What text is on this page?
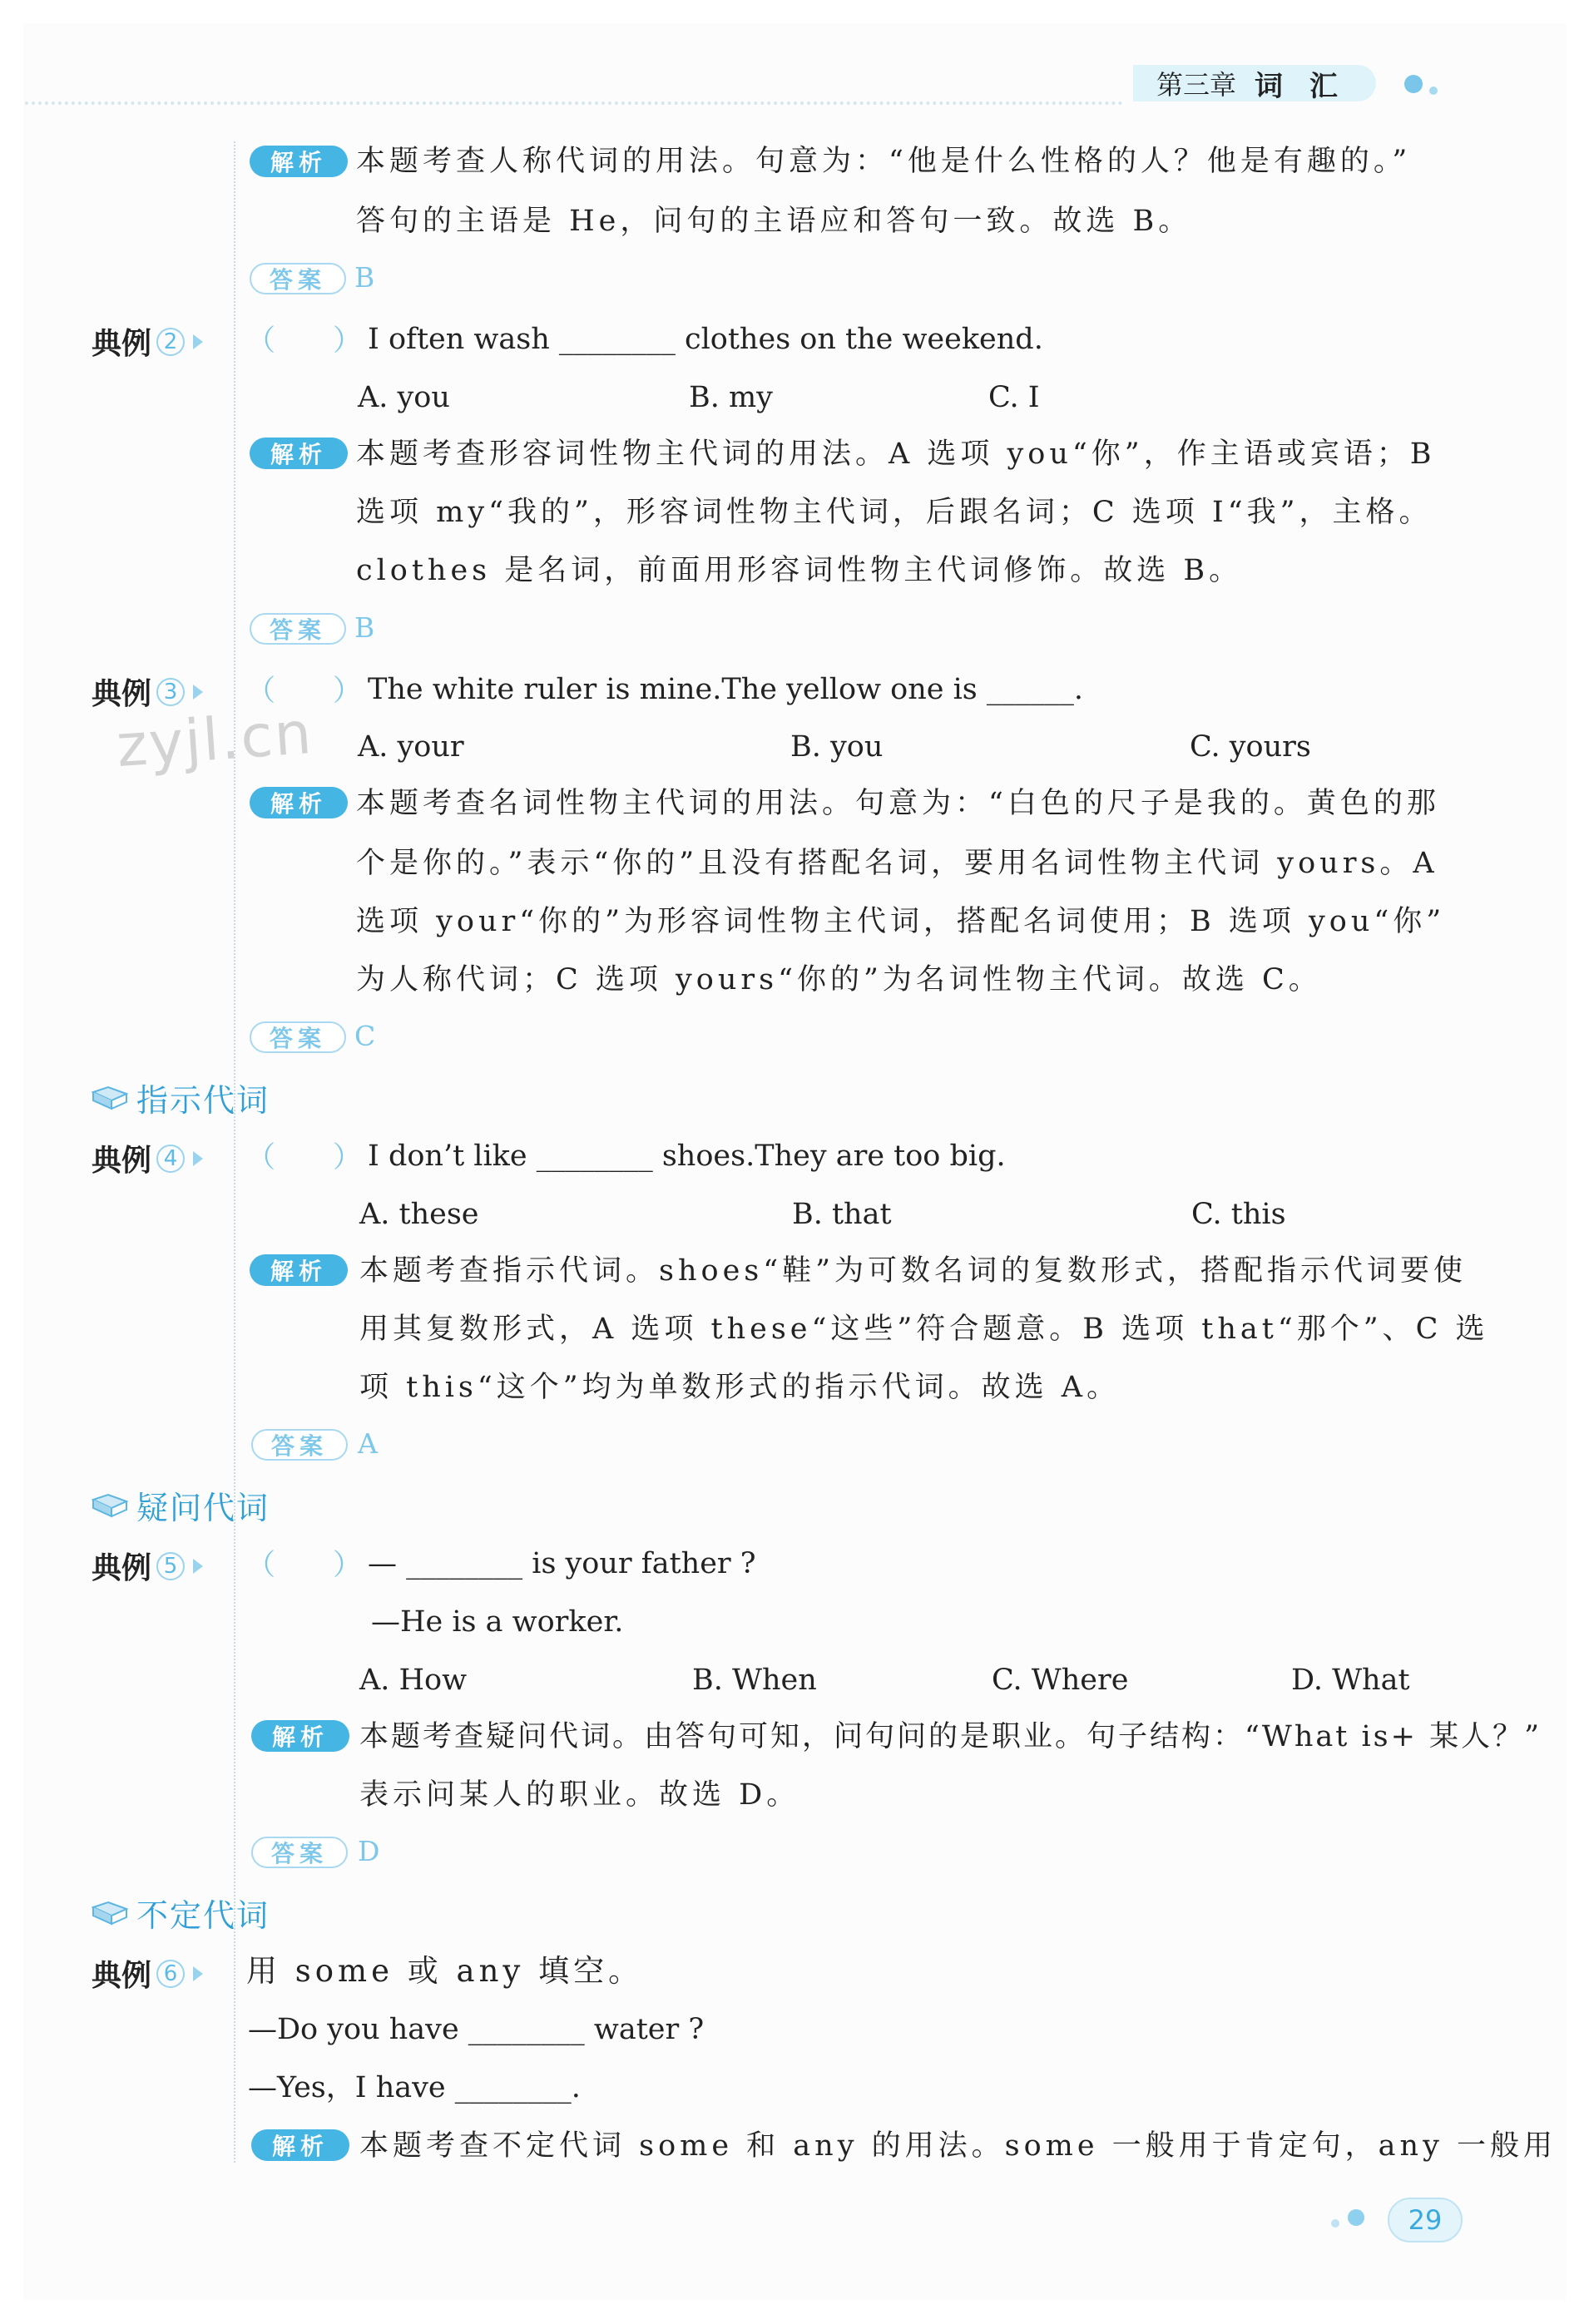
第三章 词 汇
解析	本题考查人称代词的用法。句意为：“他是什么性格的人？他是有趣的。”
答句的主语是 He，问句的主语应和答句一致。故选 B。
答案	B
典例 2 （ ） I often wash ________ clothes on the weekend.
A. you	B. my	C. I
解析	本题考查形容词性物主代词的用法。A 选项 you“你”，作主语或宾语；B
选项 my“我的”，形容词性物主代词，后跟名词；C 选项 I“我”，主格。
clothes 是名词，前面用形容词性物主代词修饰。故选 B。
答案	B
典例 3 （ ） The white ruler is mine.The yellow one is ______.
zyjl.cn A. your	B. you	C. yours
解析	本题考查名词性物主代词的用法。句意为：“白色的尺子是我的。黄色的那
个是你的。”表示“你的”且没有搭配名词，要用名词性物主代词 yours。A
选项 your“你的”为形容词性物主代词，搭配名词使用；B 选项 you“你”
为人称代词；C 选项 yours“你的”为名词性物主代词。故选 C。
答案	C
指示代词
典例 4 （ ） I don’t like ________ shoes.They are too big.
A. these	B. that	C. this
解析	本题考查指示代词。shoes“鞋”为可数名词的复数形式，搭配指示代词要使
用其复数形式，A 选项 these“这些”符合题意。B 选项 that“那个”、C 选
项 this“这个”均为单数形式的指示代词。故选 A。
答案	A
疑问代词
典例 5 （ ） — ________ is your father ?
—He is a worker.
A. How	B. When	C. Where	D. What
解析	本题考查疑问代词。由答句可知，问句问的是职业。句子结构：“What is+ 某人？”
表示问某人的职业。故选 D。
答案	D
不定代词
典例 6 用 some 或 any 填空。
—Do you have ________ water ?
—Yes，I have ________.
解析	本题考查不定代词 some 和 any 的用法。some 一般用于肯定句，any 一般用
29
